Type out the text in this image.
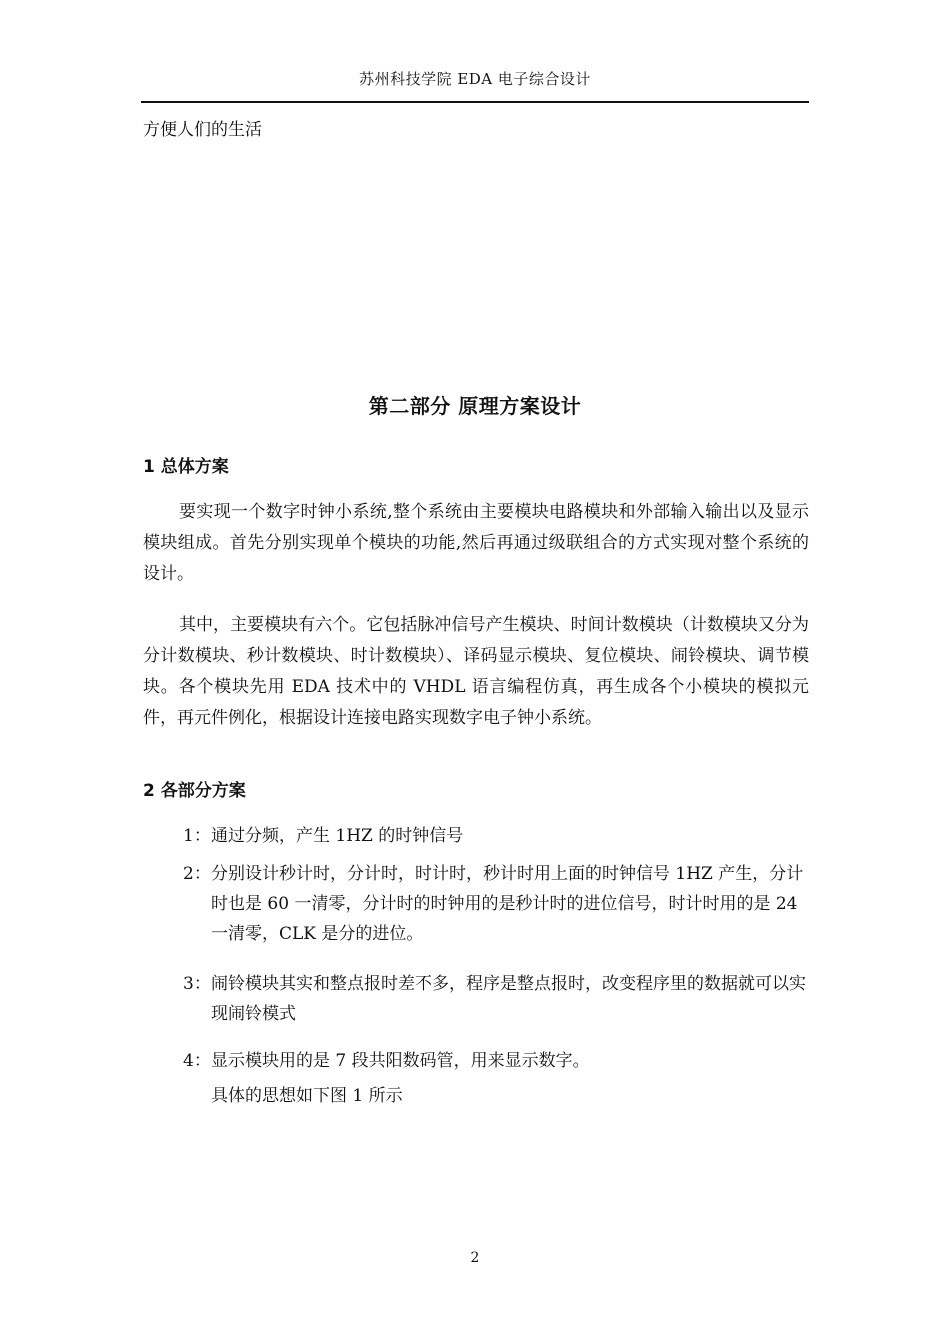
苏州科技学院 EDA 电子综合设计
方便人们的生活
第二部分 原理方案设计
1 总体方案
要实现一个数字时钟小系统,整个系统由主要模块电路模块和外部输入输出以及显示模块组成。首先分别实现单个模块的功能,然后再通过级联组合的方式实现对整个系统的设计。
其中，主要模块有六个。它包括脉冲信号产生模块、时间计数模块（计数模块又分为分计数模块、秒计数模块、时计数模块）、译码显示模块、复位模块、闹铃模块、调节模块。各个模块先用 EDA 技术中的 VHDL 语言编程仿真，再生成各个小模块的模拟元件，再元件例化，根据设计连接电路实现数字电子钟小系统。
2 各部分方案
1： 通过分频，产生 1HZ 的时钟信号
2： 分别设计秒计时，分计时，时计时，秒计时用上面的时钟信号 1HZ 产生，分计时也是 60 一清零，分计时的时钟用的是秒计时的进位信号，时计时用的是 24 一清零，CLK 是分的进位。
3： 闹铃模块其实和整点报时差不多，程序是整点报时，改变程序里的数据就可以实现闹铃模式
4： 显示模块用的是 7 段共阳数码管，用来显示数字。
具体的思想如下图 1 所示
2
